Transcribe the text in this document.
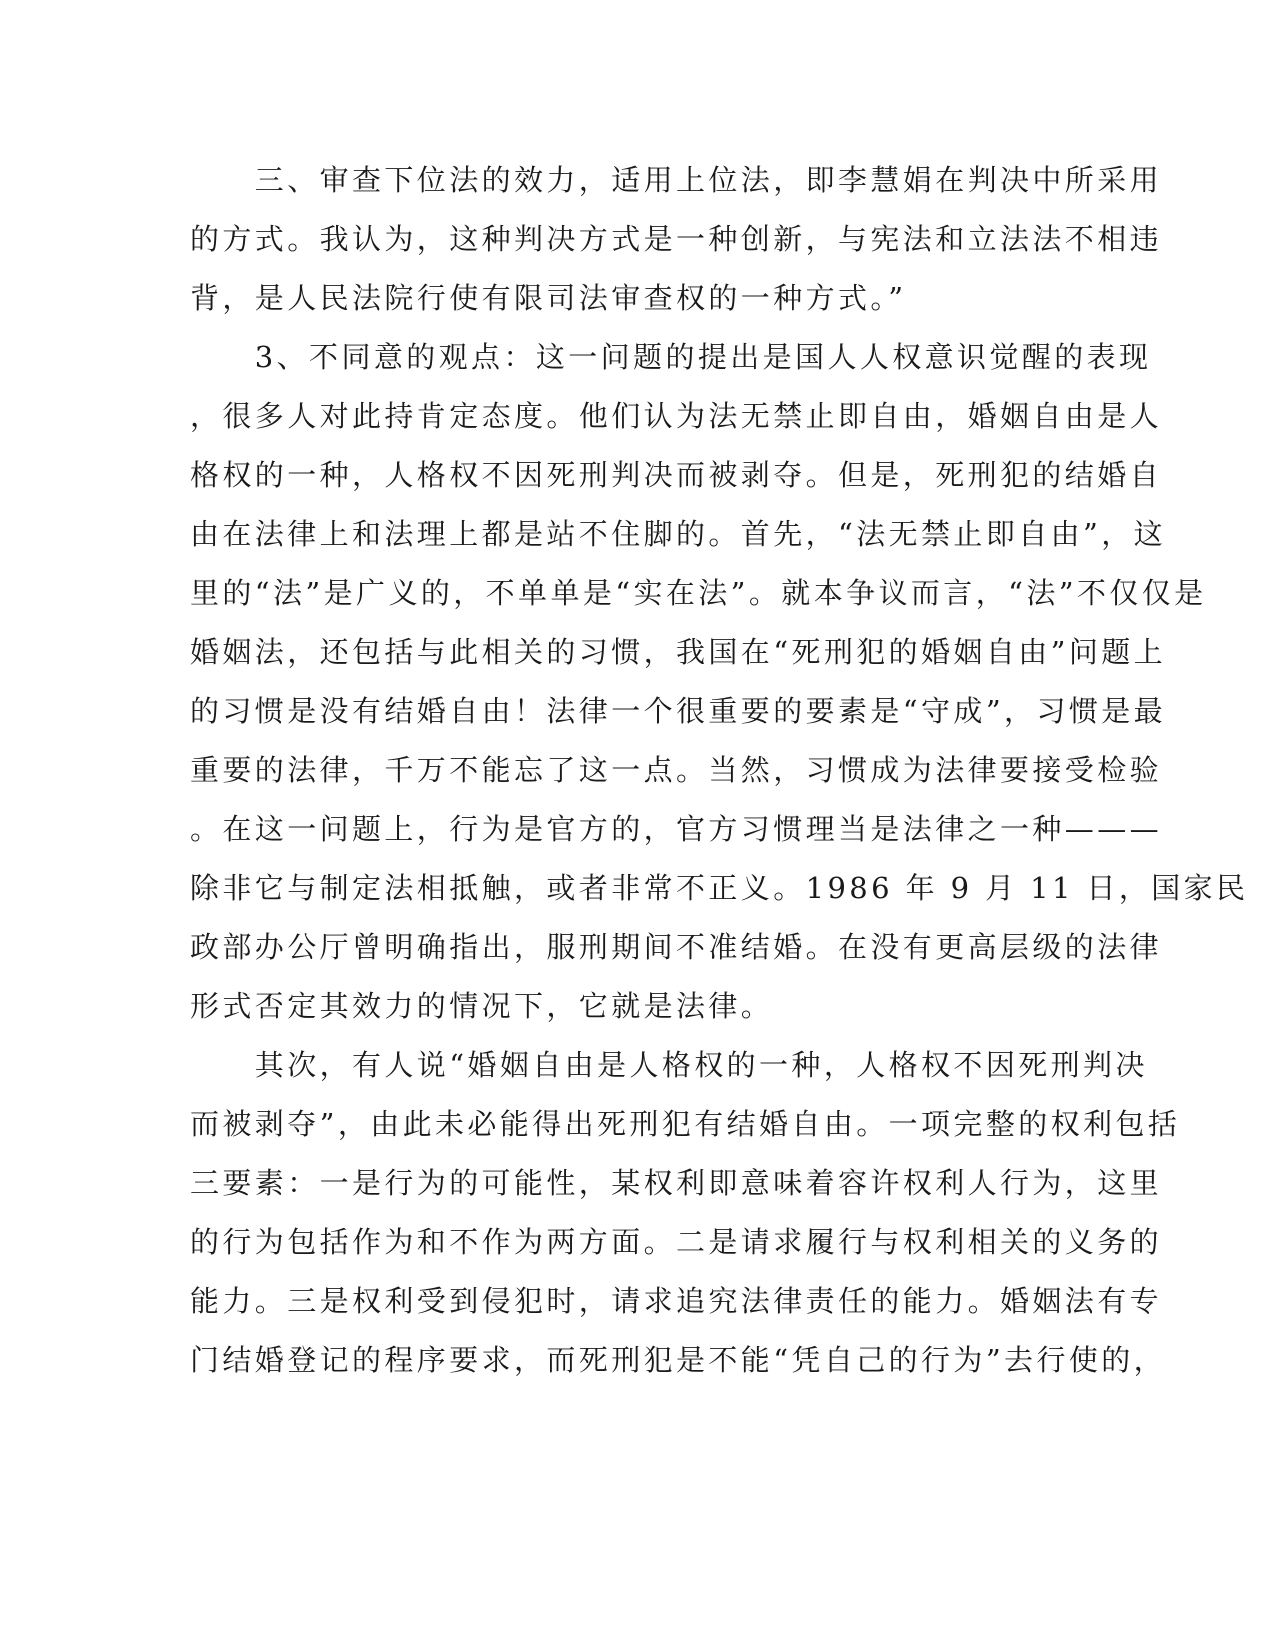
　　三、审查下位法的效力，适用上位法，即李慧娟在判决中所采用
的方式。我认为，这种判决方式是一种创新，与宪法和立法法不相违
背，是人民法院行使有限司法审查权的一种方式。”
　　3、不同意的观点：这一问题的提出是国人人权意识觉醒的表现
，很多人对此持肯定态度。他们认为法无禁止即自由，婚姻自由是人
格权的一种，人格权不因死刑判决而被剥夺。但是，死刑犯的结婚自
由在法律上和法理上都是站不住脚的。首先，“法无禁止即自由”，这
里的“法”是广义的，不单单是“实在法”。就本争议而言，“法”不仅仅是
婚姻法，还包括与此相关的习惯，我国在“死刑犯的婚姻自由”问题上
的习惯是没有结婚自由！法律一个很重要的要素是“守成”，习惯是最
重要的法律，千万不能忘了这一点。当然，习惯成为法律要接受检验
。在这一问题上，行为是官方的，官方习惯理当是法律之一种———
除非它与制定法相抵触，或者非常不正义。1986 年 9 月 11 日，国家民
政部办公厅曾明确指出，服刑期间不准结婚。在没有更高层级的法律
形式否定其效力的情况下，它就是法律。
　　其次，有人说“婚姻自由是人格权的一种，人格权不因死刑判决
而被剥夺”，由此未必能得出死刑犯有结婚自由。一项完整的权利包括
三要素：一是行为的可能性，某权利即意味着容许权利人行为，这里
的行为包括作为和不作为两方面。二是请求履行与权利相关的义务的
能力。三是权利受到侵犯时，请求追究法律责任的能力。婚姻法有专
门结婚登记的程序要求，而死刑犯是不能“凭自己的行为”去行使的，
